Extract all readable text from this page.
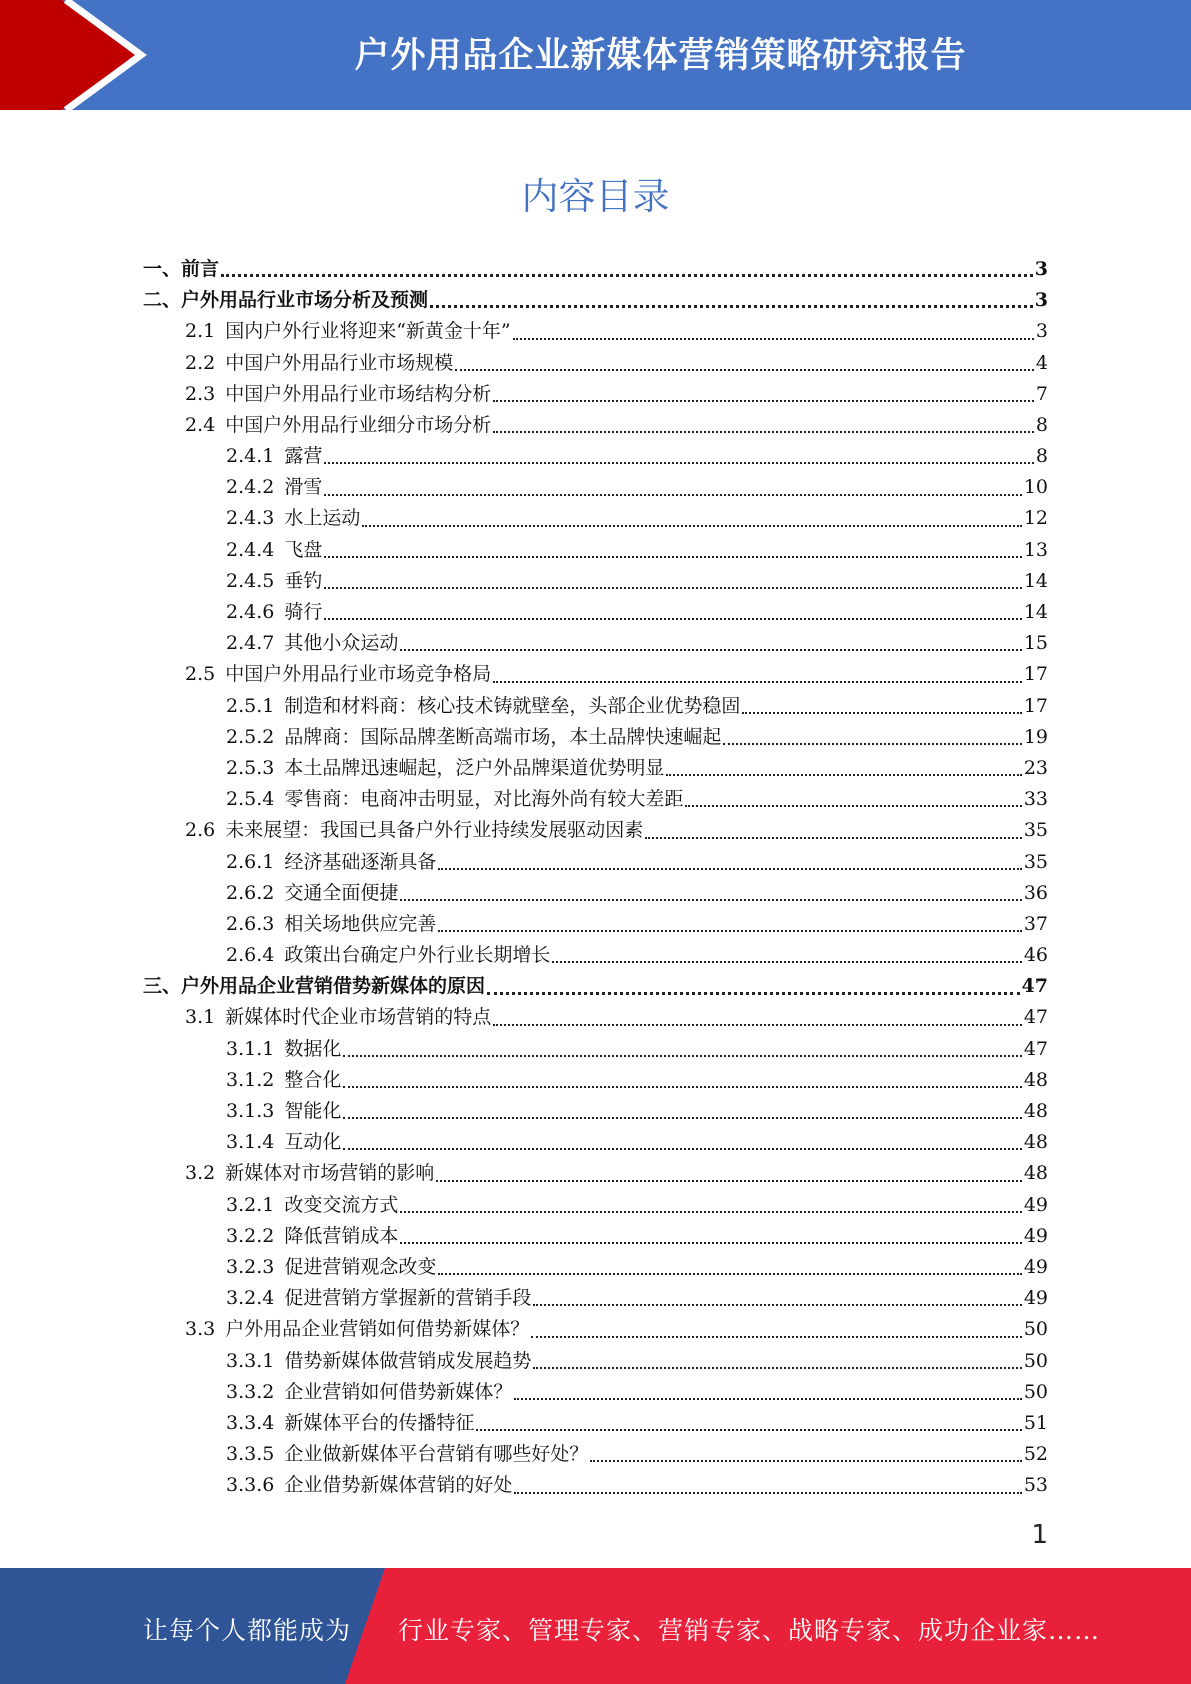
户外用品企业新媒体营销策略研究报告
内容目录
一、 前言	3
二、 户外用品行业市场分析及预测	3
2.1 国内户外行业将迎来“新黄金十年”	3
2.2 中国户外用品行业市场规模	4
2.3 中国户外用品行业市场结构分析	7
2.4 中国户外用品行业细分市场分析	8
2.4.1 露营	8
2.4.2 滑雪	10
2.4.3 水上运动	12
2.4.4 飞盘	13
2.4.5 垂钓	14
2.4.6 骑行	14
2.4.7 其他小众运动	15
2.5 中国户外用品行业市场竞争格局	17
2.5.1 制造和材料商：核心技术铸就壁垒，头部企业优势稳固	17
2.5.2 品牌商：国际品牌垄断高端市场，本土品牌快速崛起	19
2.5.3 本土品牌迅速崛起，泛户外品牌渠道优势明显	23
2.5.4 零售商：电商冲击明显，对比海外尚有较大差距	33
2.6 未来展望：我国已具备户外行业持续发展驱动因素	35
2.6.1 经济基础逐渐具备	35
2.6.2 交通全面便捷	36
2.6.3 相关场地供应完善	37
2.6.4 政策出台确定户外行业长期增长	46
三、 户外用品企业营销借势新媒体的原因	47
3.1 新媒体时代企业市场营销的特点	47
3.1.1 数据化	47
3.1.2 整合化	48
3.1.3 智能化	48
3.1.4 互动化	48
3.2 新媒体对市场营销的影响	48
3.2.1 改变交流方式	49
3.2.2 降低营销成本	49
3.2.3 促进营销观念改变	49
3.2.4 促进营销方掌握新的营销手段	49
3.3 户外用品企业营销如何借势新媒体？	50
3.3.1 借势新媒体做营销成发展趋势	50
3.3.2 企业营销如何借势新媒体？	50
3.3.4 新媒体平台的传播特征	51
3.3.5 企业做新媒体平台营销有哪些好处？	52
3.3.6 企业借势新媒体营销的好处	53
1
让每个人都能成为 行业专家、管理专家、营销专家、战略专家、成功企业家……
